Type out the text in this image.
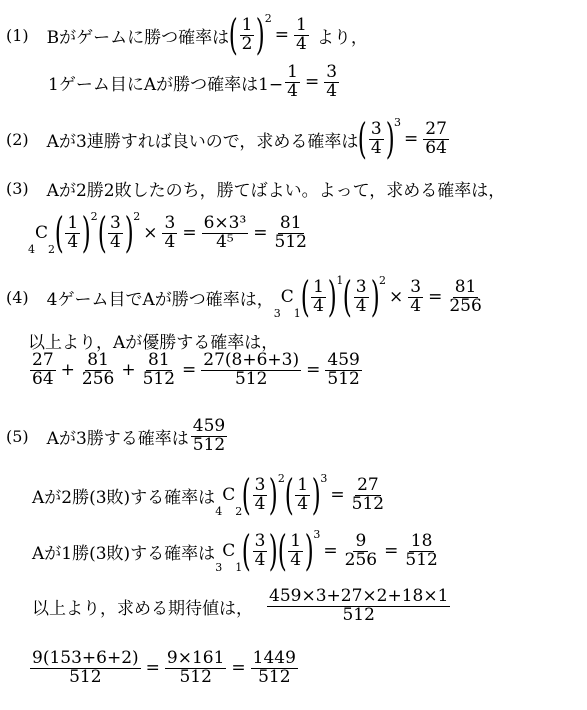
(1) Bがゲームに勝つ確率は ( $\frac{1}{2}$ ) 2
= $\frac{1}{4}$ より，
1ゲーム目にAが勝つ確率は$1- \frac{1}{4} = \frac{3}{4}$
(2) Aが3連勝すれば良いので，求める確率は ( $\frac{3}{4}$ ) 3
= $\frac{27}{64}$
(3) Aが2勝2敗したのち，勝てばよい。よって，求める確率は，
4
C
2 ( $\frac{1}{4}$ ) 2 ( $\frac{3}{4}$ ) 2
× $\frac{3}{4} = \frac{\text{6×3³}}{\text{4⁵}} = \frac{81}{512}$
(4) 4ゲーム目でAが勝つ確率は，
3
C
1 ( $\frac{1}{4}$ ) 1 ( $\frac{3}{4}$ ) 2
× $\frac{3}{4} = \frac{81}{256}$
以上より，Aが優勝する確率は，
$\frac{27}{64} + \frac{81}{256} + \frac{81}{512} = \frac{27(8+6+3)}{512} = \frac{459}{512}$
(5) Aが3勝する確率は $\frac{459}{512}$
Aが2勝(3敗)する確率は
4
C
2 ( $\frac{3}{4}$ ) 2 ( $\frac{1}{4}$ ) 3
= $\frac{27}{512}$
Aが1勝(3敗)する確率は
3
C
1 ( $\frac{3}{4}$ ) ( $\frac{1}{4}$ ) 3
= $\frac{9}{256} = \frac{18}{512}$
以上より，求める期待値は， $\frac{459\times 3+27\times 2+18\times 1}{512}$
$\frac{9(153+6+2)}{512} = \frac{9\times 161}{512} = \frac{1449}{512}$
